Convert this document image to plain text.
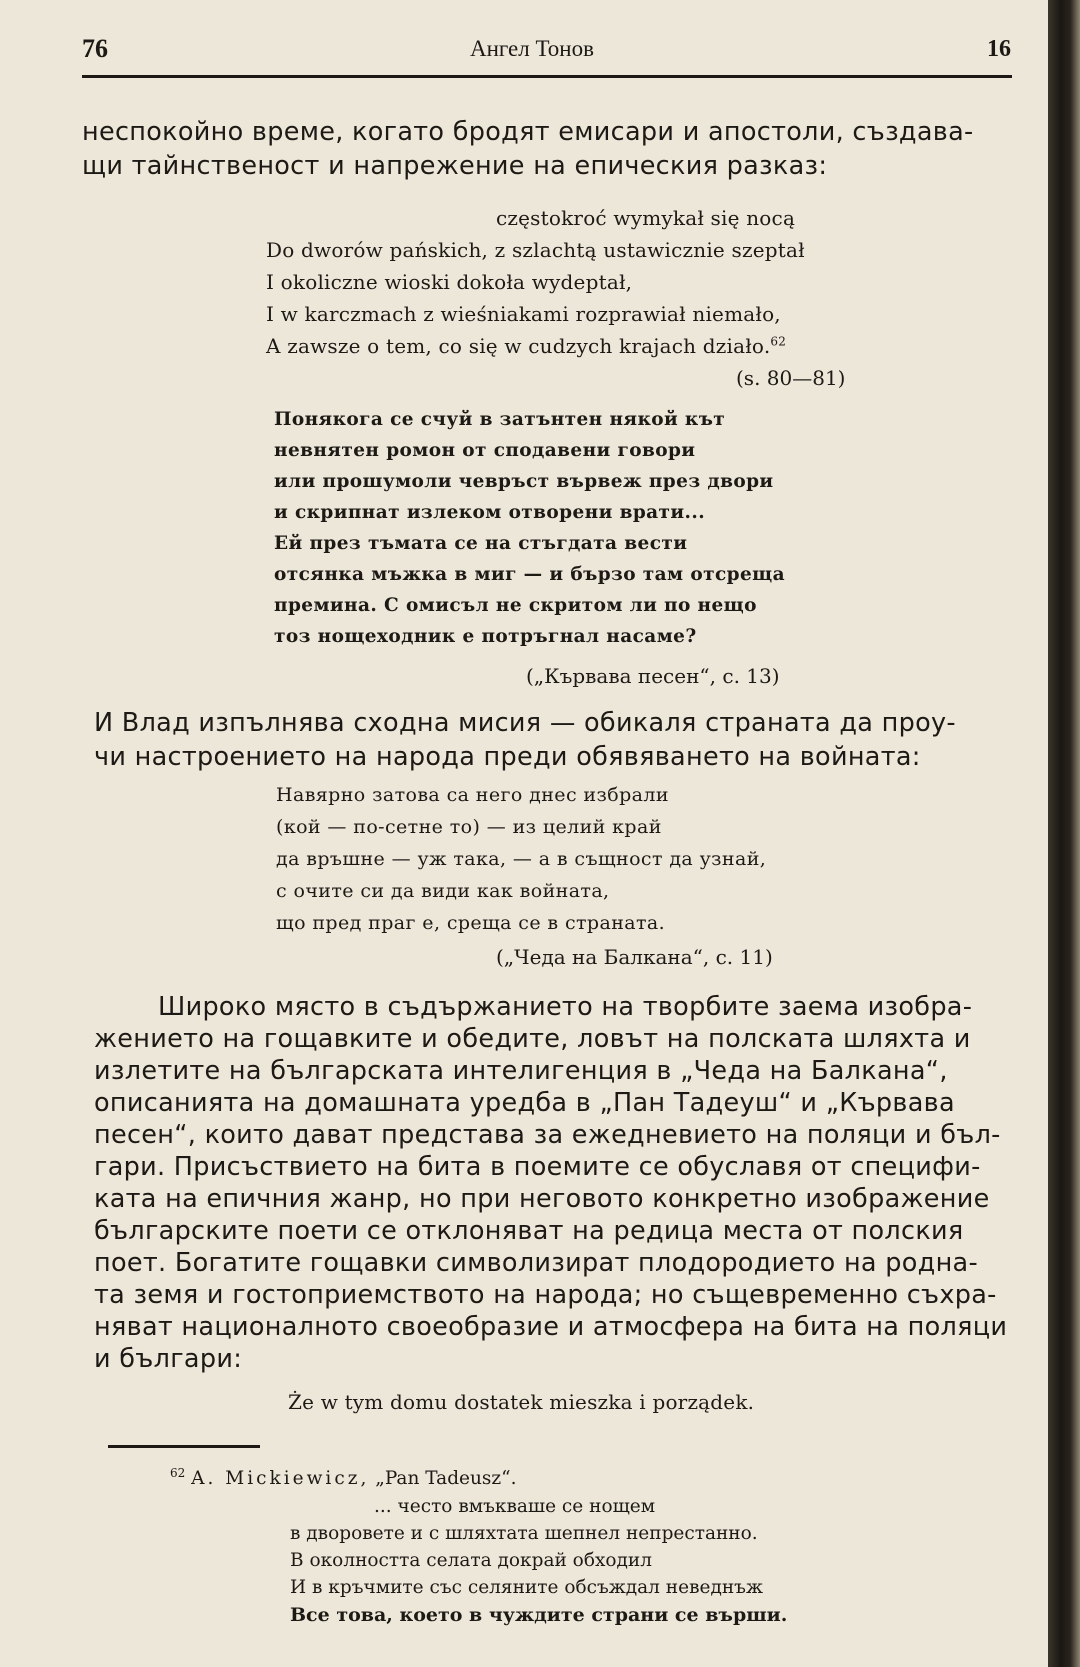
76	Ангел Тонов	16
неспокойно време, когато бродят емисари и апостоли, създава-
щи тайнственост и напрежение на епическия разказ:
częstokroć wymykał się nocą
Do dworów pańskich, z szlachtą ustawicznie szeptał
I okoliczne wioski dokoła wydeptał,
I w karczmach z wieśniakami rozprawiał niemało,
A zawsze o tem, co się w cudzych krajach działo.$^{62}$
(s. 80—81)
Понякога се счуй в затънтен някой кът
невнятен ромон от сподавени говори
или прошумоли чевръст вървеж през двори
и скрипнат излеком отворени врати...
Ей през тъмата се на стъгдата вести
отсянка мъжка в миг — и бързо там отсреща
премина. С омисъл не скритом ли по нещо
тоз нощеходник е потръгнал насаме?
(„Кървава песен“, с. 13)
И Влад изпълнява сходна мисия — обикаля страната да проу-
чи настроението на народа преди обявяването на войната:
Навярно затова са него днес избрали
(кой — по-сетне то) — из целий край
да връшне — уж така, — а в същност да узнай,
с очите си да види как войната,
що пред праг е, среща се в страната.
(„Чеда на Балкана“, с. 11)
Широко място в съдържанието на творбите заема изобра-
жението на гощавките и обедите, ловът на полската шляхта и
излетите на българската интелигенция в „Чеда на Балкана“,
описанията на домашната уредба в „Пан Тадеуш“ и „Кървава
песен“, които дават представа за ежедневието на поляци и бъл-
гари. Присъствието на бита в поемите се обуславя от специфи-
ката на епичния жанр, но при неговото конкретно изображение
българските поети се отклоняват на редица места от полския
поет. Богатите гощавки символизират плодородието на родна-
та земя и гостоприемството на народа; но същевременно съхра-
няват националното своеобразие и атмосфера на бита на поляци
и българи:
Że w tym domu dostatek mieszka i porządek.
$^{62}$ A. Mickiewicz, „Pan Tadeusz“.
... често вмъкваше се нощем
в дворовете и с шляхтата шепнел непрестанно.
В околността селата докрай обходил
И в кръчмите със селяните обсъждал неведнъж
Все това, което в чуждите страни се върши.
